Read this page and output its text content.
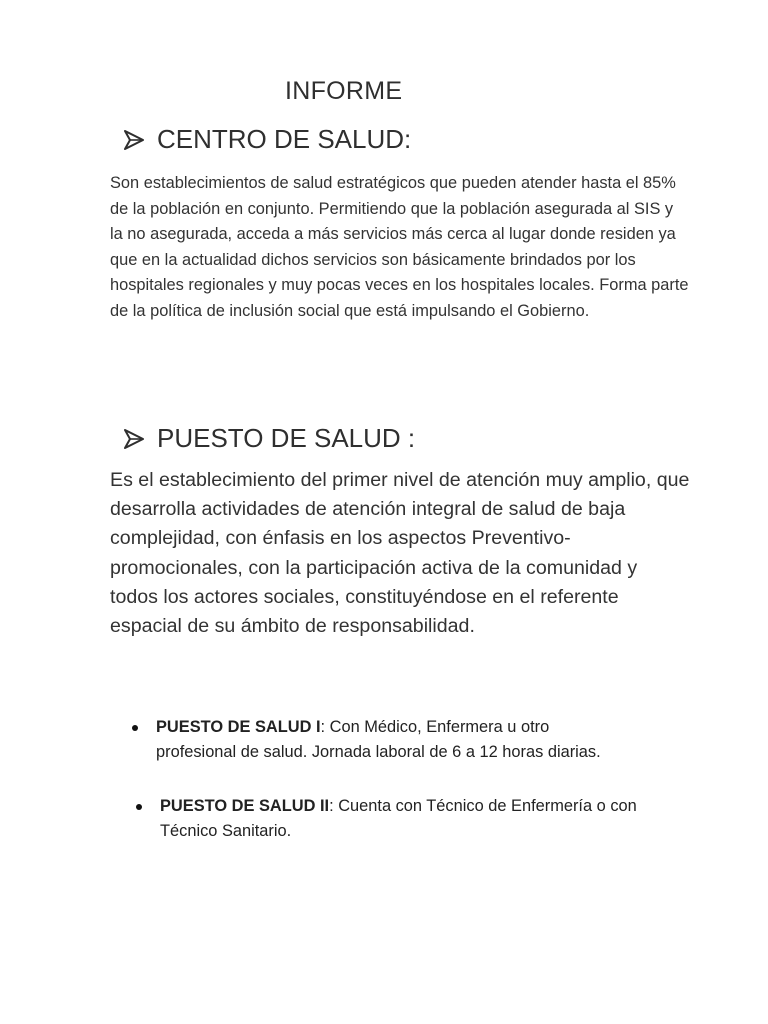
INFORME
CENTRO DE SALUD:

Son establecimientos de salud estratégicos que pueden atender hasta el 85% de la población en conjunto. Permitiendo que la población asegurada al SIS y la no asegurada, acceda a más servicios más cerca al lugar donde residen ya que en la actualidad dichos servicios son básicamente brindados por los hospitales regionales y muy pocas veces en los hospitales locales. Forma parte de la política de inclusión social que está impulsando el Gobierno.

PUESTO DE SALUD :

Es el establecimiento del primer nivel de atención muy amplio, que desarrolla actividades de atención integral de salud de baja complejidad, con énfasis en los aspectos Preventivo-promocionales, con la participación activa de la comunidad y todos los actores sociales, constituyéndose en el referente espacial de su ámbito de responsabilidad.

PUESTO DE SALUD I: Con Médico, Enfermera u otro profesional de salud. Jornada laboral de 6 a 12 horas diarias.
PUESTO DE SALUD II: Cuenta con Técnico de Enfermería o con Técnico Sanitario.
